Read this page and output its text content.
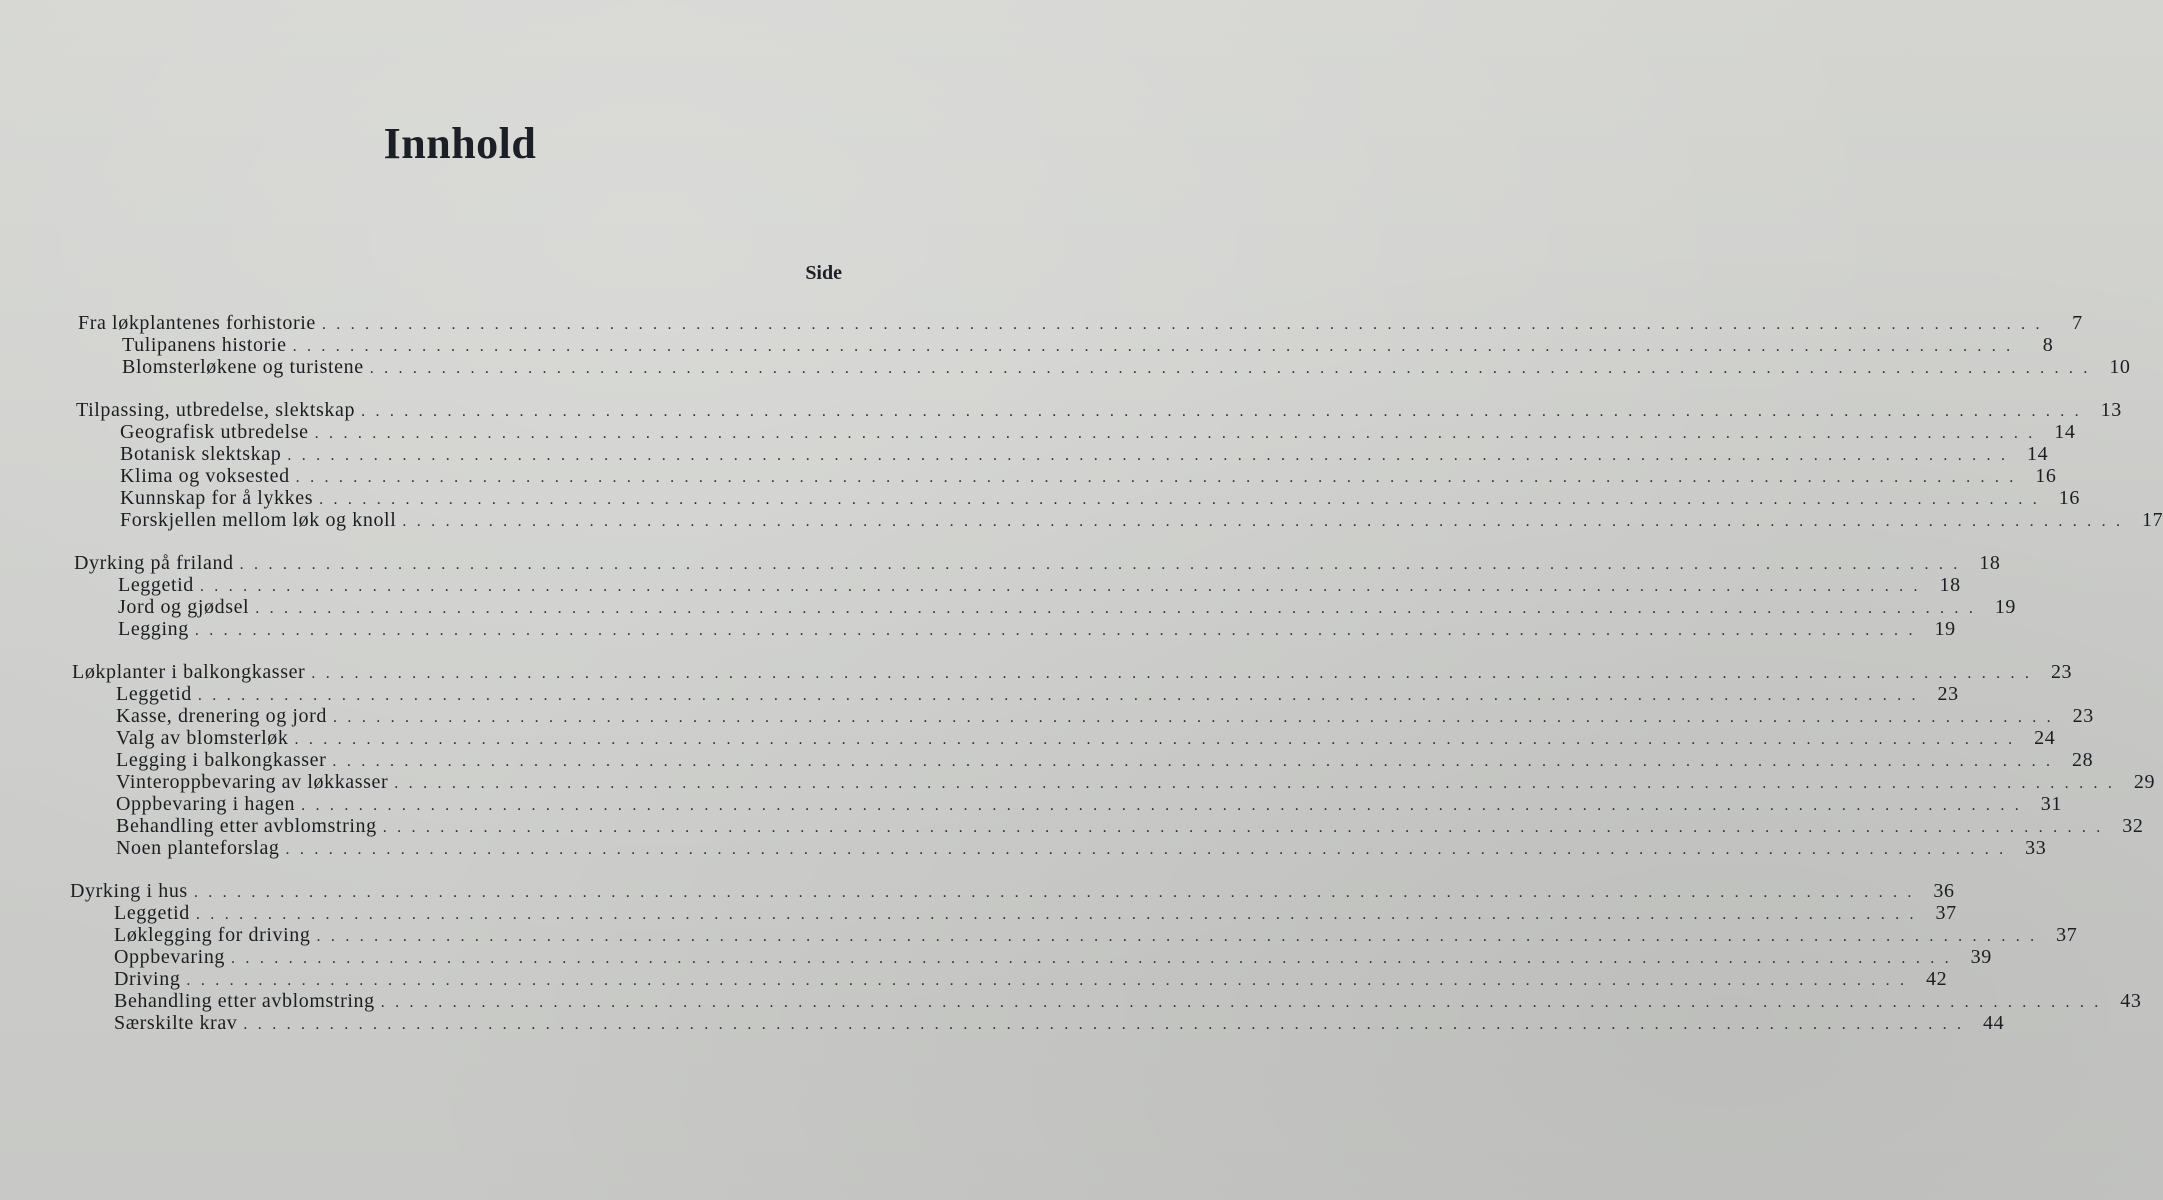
Innhold
Side
Fra løkplantenes forhistorie . . . . . . . . . . . . . . . . . . . . . . . . . . . . . . . . . . . . . . . . . . . . . . . . . . . . . . . . . . . . . . . . . . . . . . . . . . . . . . . . . . . . . . . . . . . . . . . . . . . . . . . . . . . . . . . . . . . . . . . .	7
Tulipanens historie . . . . . . . . . . . . . . . . . . . . . . . . . . . . . . . . . . . . . . . . . . . . . . . . . . . . . . . . . . . . . . . . . . . . . . . . . . . . . . . . . . . . . . . . . . . . . . . . . . . . . . . . . . . . . . . . . . . . . . . .	8
Blomsterløkene og turistene . . . . . . . . . . . . . . . . . . . . . . . . . . . . . . . . . . . . . . . . . . . . . . . . . . . . . . . . . . . . . . . . . . . . . . . . . . . . . . . . . . . . . . . . . . . . . . . . . . . . . . . . . . . . . . . . . . . . . . . . 10
Tilpassing, utbredelse, slektskap . . . . . . . . . . . . . . . . . . . . . . . . . . . . . . . . . . . . . . . . . . . . . . . . . . . . . . . . . . . . . . . . . . . . . . . . . . . . . . . . . . . . . . . . . . . . . . . . . . . . . . . . . . . . . . . . . . . . . . . . 13
Geografisk utbredelse . . . . . . . . . . . . . . . . . . . . . . . . . . . . . . . . . . . . . . . . . . . . . . . . . . . . . . . . . . . . . . . . . . . . . . . . . . . . . . . . . . . . . . . . . . . . . . . . . . . . . . . . . . . . . . . . . . . . . . . . 14
Botanisk slektskap . . . . . . . . . . . . . . . . . . . . . . . . . . . . . . . . . . . . . . . . . . . . . . . . . . . . . . . . . . . . . . . . . . . . . . . . . . . . . . . . . . . . . . . . . . . . . . . . . . . . . . . . . . . . . . . . . . . . . . . . 14
Klima og voksested . . . . . . . . . . . . . . . . . . . . . . . . . . . . . . . . . . . . . . . . . . . . . . . . . . . . . . . . . . . . . . . . . . . . . . . . . . . . . . . . . . . . . . . . . . . . . . . . . . . . . . . . . . . . . . . . . . . . . . . . 16
Kunnskap for å lykkes . . . . . . . . . . . . . . . . . . . . . . . . . . . . . . . . . . . . . . . . . . . . . . . . . . . . . . . . . . . . . . . . . . . . . . . . . . . . . . . . . . . . . . . . . . . . . . . . . . . . . . . . . . . . . . . . . . . . . . . . 16
Forskjellen mellom løk og knoll . . . . . . . . . . . . . . . . . . . . . . . . . . . . . . . . . . . . . . . . . . . . . . . . . . . . . . . . . . . . . . . . . . . . . . . . . . . . . . . . . . . . . . . . . . . . . . . . . . . . . . . . . . . . . . . . . . . . . . . . 17
Dyrking på friland . . . . . . . . . . . . . . . . . . . . . . . . . . . . . . . . . . . . . . . . . . . . . . . . . . . . . . . . . . . . . . . . . . . . . . . . . . . . . . . . . . . . . . . . . . . . . . . . . . . . . . . . . . . . . . . . . . . . . . . . 18
Leggetid . . . . . . . . . . . . . . . . . . . . . . . . . . . . . . . . . . . . . . . . . . . . . . . . . . . . . . . . . . . . . . . . . . . . . . . . . . . . . . . . . . . . . . . . . . . . . . . . . . . . . . . . . . . . . . . . . . . . . . . . 18
Jord og gjødsel . . . . . . . . . . . . . . . . . . . . . . . . . . . . . . . . . . . . . . . . . . . . . . . . . . . . . . . . . . . . . . . . . . . . . . . . . . . . . . . . . . . . . . . . . . . . . . . . . . . . . . . . . . . . . . . . . . . . . . . . 19
Legging . . . . . . . . . . . . . . . . . . . . . . . . . . . . . . . . . . . . . . . . . . . . . . . . . . . . . . . . . . . . . . . . . . . . . . . . . . . . . . . . . . . . . . . . . . . . . . . . . . . . . . . . . . . . . . . . . . . . . . . . 19
Løkplanter i balkongkasser . . . . . . . . . . . . . . . . . . . . . . . . . . . . . . . . . . . . . . . . . . . . . . . . . . . . . . . . . . . . . . . . . . . . . . . . . . . . . . . . . . . . . . . . . . . . . . . . . . . . . . . . . . . . . . . . . . . . . . . . 23
Leggetid . . . . . . . . . . . . . . . . . . . . . . . . . . . . . . . . . . . . . . . . . . . . . . . . . . . . . . . . . . . . . . . . . . . . . . . . . . . . . . . . . . . . . . . . . . . . . . . . . . . . . . . . . . . . . . . . . . . . . . . . 23
Kasse, drenering og jord . . . . . . . . . . . . . . . . . . . . . . . . . . . . . . . . . . . . . . . . . . . . . . . . . . . . . . . . . . . . . . . . . . . . . . . . . . . . . . . . . . . . . . . . . . . . . . . . . . . . . . . . . . . . . . . . . . . . . . . . 23
Valg av blomsterløk . . . . . . . . . . . . . . . . . . . . . . . . . . . . . . . . . . . . . . . . . . . . . . . . . . . . . . . . . . . . . . . . . . . . . . . . . . . . . . . . . . . . . . . . . . . . . . . . . . . . . . . . . . . . . . . . . . . . . . . . 24
Legging i balkongkasser . . . . . . . . . . . . . . . . . . . . . . . . . . . . . . . . . . . . . . . . . . . . . . . . . . . . . . . . . . . . . . . . . . . . . . . . . . . . . . . . . . . . . . . . . . . . . . . . . . . . . . . . . . . . . . . . . . . . . . . . 28
Vinteroppbevaring av løkkasser . . . . . . . . . . . . . . . . . . . . . . . . . . . . . . . . . . . . . . . . . . . . . . . . . . . . . . . . . . . . . . . . . . . . . . . . . . . . . . . . . . . . . . . . . . . . . . . . . . . . . . . . . . . . . . . . . . . . . . . . 29
Oppbevaring i hagen . . . . . . . . . . . . . . . . . . . . . . . . . . . . . . . . . . . . . . . . . . . . . . . . . . . . . . . . . . . . . . . . . . . . . . . . . . . . . . . . . . . . . . . . . . . . . . . . . . . . . . . . . . . . . . . . . . . . . . . . 31
Behandling etter avblomstring . . . . . . . . . . . . . . . . . . . . . . . . . . . . . . . . . . . . . . . . . . . . . . . . . . . . . . . . . . . . . . . . . . . . . . . . . . . . . . . . . . . . . . . . . . . . . . . . . . . . . . . . . . . . . . . . . . . . . . . . 32
Noen planteforslag . . . . . . . . . . . . . . . . . . . . . . . . . . . . . . . . . . . . . . . . . . . . . . . . . . . . . . . . . . . . . . . . . . . . . . . . . . . . . . . . . . . . . . . . . . . . . . . . . . . . . . . . . . . . . . . . . . . . . . . . 33
Dyrking i hus . . . . . . . . . . . . . . . . . . . . . . . . . . . . . . . . . . . . . . . . . . . . . . . . . . . . . . . . . . . . . . . . . . . . . . . . . . . . . . . . . . . . . . . . . . . . . . . . . . . . . . . . . . . . . . . . . . . . . . . . 36
Leggetid . . . . . . . . . . . . . . . . . . . . . . . . . . . . . . . . . . . . . . . . . . . . . . . . . . . . . . . . . . . . . . . . . . . . . . . . . . . . . . . . . . . . . . . . . . . . . . . . . . . . . . . . . . . . . . . . . . . . . . . . 37
Løklegging for driving . . . . . . . . . . . . . . . . . . . . . . . . . . . . . . . . . . . . . . . . . . . . . . . . . . . . . . . . . . . . . . . . . . . . . . . . . . . . . . . . . . . . . . . . . . . . . . . . . . . . . . . . . . . . . . . . . . . . . . . . 37
Oppbevaring . . . . . . . . . . . . . . . . . . . . . . . . . . . . . . . . . . . . . . . . . . . . . . . . . . . . . . . . . . . . . . . . . . . . . . . . . . . . . . . . . . . . . . . . . . . . . . . . . . . . . . . . . . . . . . . . . . . . . . . . 39
Driving . . . . . . . . . . . . . . . . . . . . . . . . . . . . . . . . . . . . . . . . . . . . . . . . . . . . . . . . . . . . . . . . . . . . . . . . . . . . . . . . . . . . . . . . . . . . . . . . . . . . . . . . . . . . . . . . . . . . . . . . 42
Behandling etter avblomstring . . . . . . . . . . . . . . . . . . . . . . . . . . . . . . . . . . . . . . . . . . . . . . . . . . . . . . . . . . . . . . . . . . . . . . . . . . . . . . . . . . . . . . . . . . . . . . . . . . . . . . . . . . . . . . . . . . . . . . . . 43
Særskilte krav . . . . . . . . . . . . . . . . . . . . . . . . . . . . . . . . . . . . . . . . . . . . . . . . . . . . . . . . . . . . . . . . . . . . . . . . . . . . . . . . . . . . . . . . . . . . . . . . . . . . . . . . . . . . . . . . . . . . . . . . 44
